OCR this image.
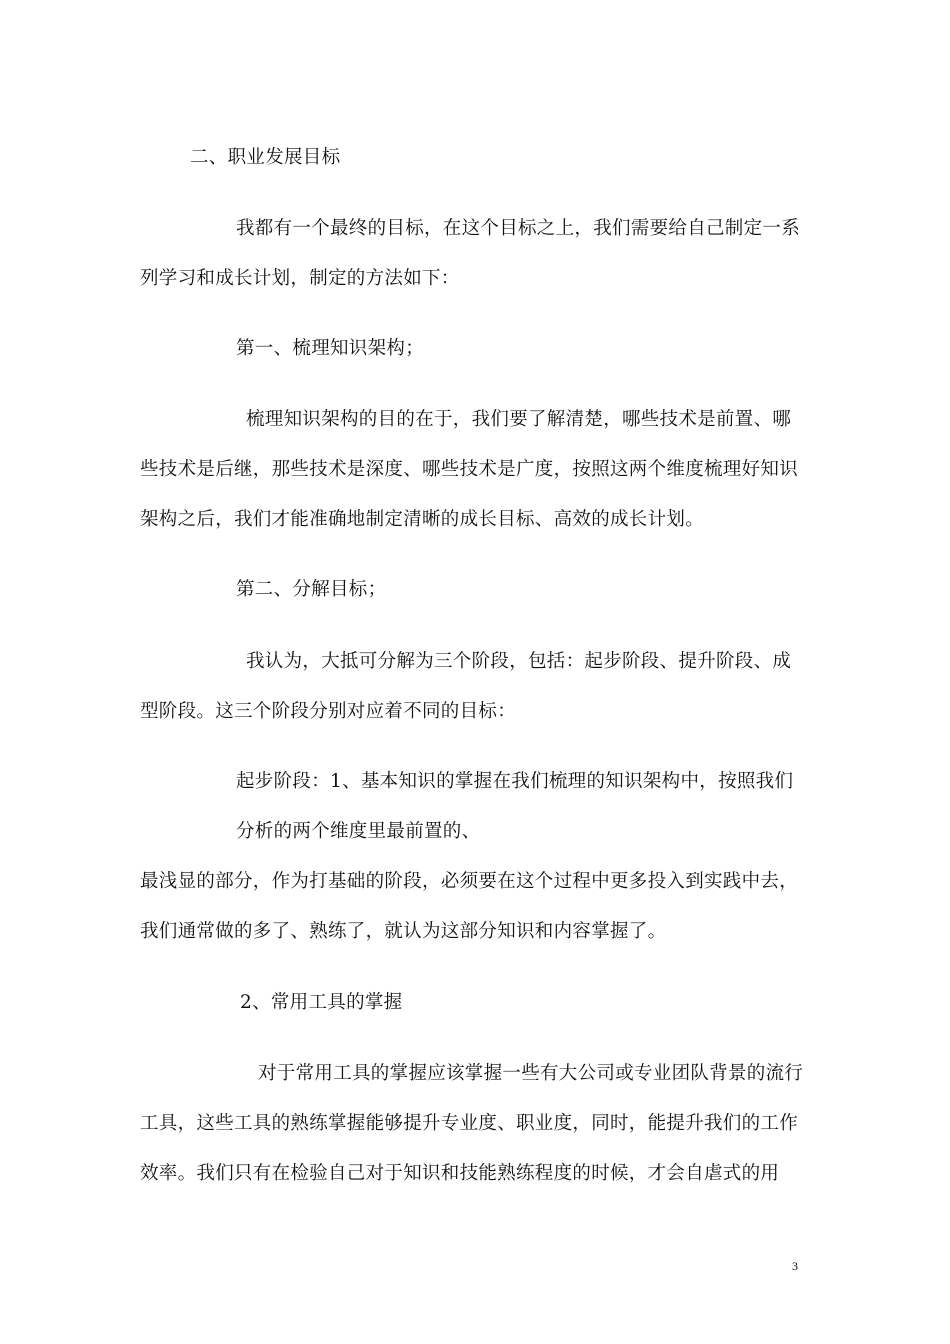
二、职业发展目标
我都有一个最终的目标，在这个目标之上，我们需要给自己制定一系
列学习和成长计划，制定的方法如下：
第一、梳理知识架构；
梳理知识架构的目的在于，我们要了解清楚，哪些技术是前置、哪
些技术是后继，那些技术是深度、哪些技术是广度，按照这两个维度梳理好知识
架构之后，我们才能准确地制定清晰的成长目标、高效的成长计划。
第二、分解目标；
我认为，大抵可分解为三个阶段，包括：起步阶段、提升阶段、成
型阶段。这三个阶段分别对应着不同的目标：
起步阶段：1、基本知识的掌握在我们梳理的知识架构中，按照我们
分析的两个维度里最前置的、
最浅显的部分，作为打基础的阶段，必须要在这个过程中更多投入到实践中去，
我们通常做的多了、熟练了，就认为这部分知识和内容掌握了。
2、常用工具的掌握
对于常用工具的掌握应该掌握一些有大公司或专业团队背景的流行
工具，这些工具的熟练掌握能够提升专业度、职业度，同时，能提升我们的工作
效率。我们只有在检验自己对于知识和技能熟练程度的时候，才会自虐式的用
3
